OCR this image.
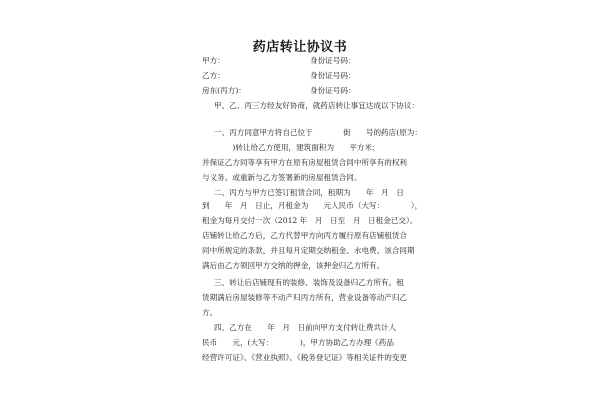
药店转让协议书
甲方：	身份证号码：
乙方：	身份证号码：
房东(丙方)：	身份证号码：
甲、乙、丙三方经友好协商，就药店转让事宜达成以下协议：
一、丙方同意甲方将自己位于　　　　街　　号的药店(原为：
　　　　)转让给乙方使用，建筑面积为　　平方米；
并保证乙方同等享有甲方在原有房屋租赁合同中所享有的权利
与义务。或重新与乙方签署新的房屋租赁合同。
二、丙方与甲方已签订租赁合同，租期为　　年　月　日
到　　年　月　日止，月租金为　　元人民币（大写：　　　　），
租金为每月交付一次（2012 年　月　日至　月　日租金已交）。
店铺转让给乙方后，乙方代替甲方向丙方履行原有店铺租赁合
同中所规定的条款，并且每月定期交纳租金、水电费。该合同期
满后由乙方领回甲方交纳的押金，该押金归乙方所有。
三、转让后店铺现有的装修、装饰及设备归乙方所有。租
赁期满后房屋装修等不动产归丙方所有，营业设备等动产归乙
方。
四、乙方在　　年　月　日前向甲方支付转让费共计人
民币　　元，(大写：　　　　)，甲方协助乙方办理《药品
经营许可证》、《营业执照》、《税务登记证》等相关证件的变更
